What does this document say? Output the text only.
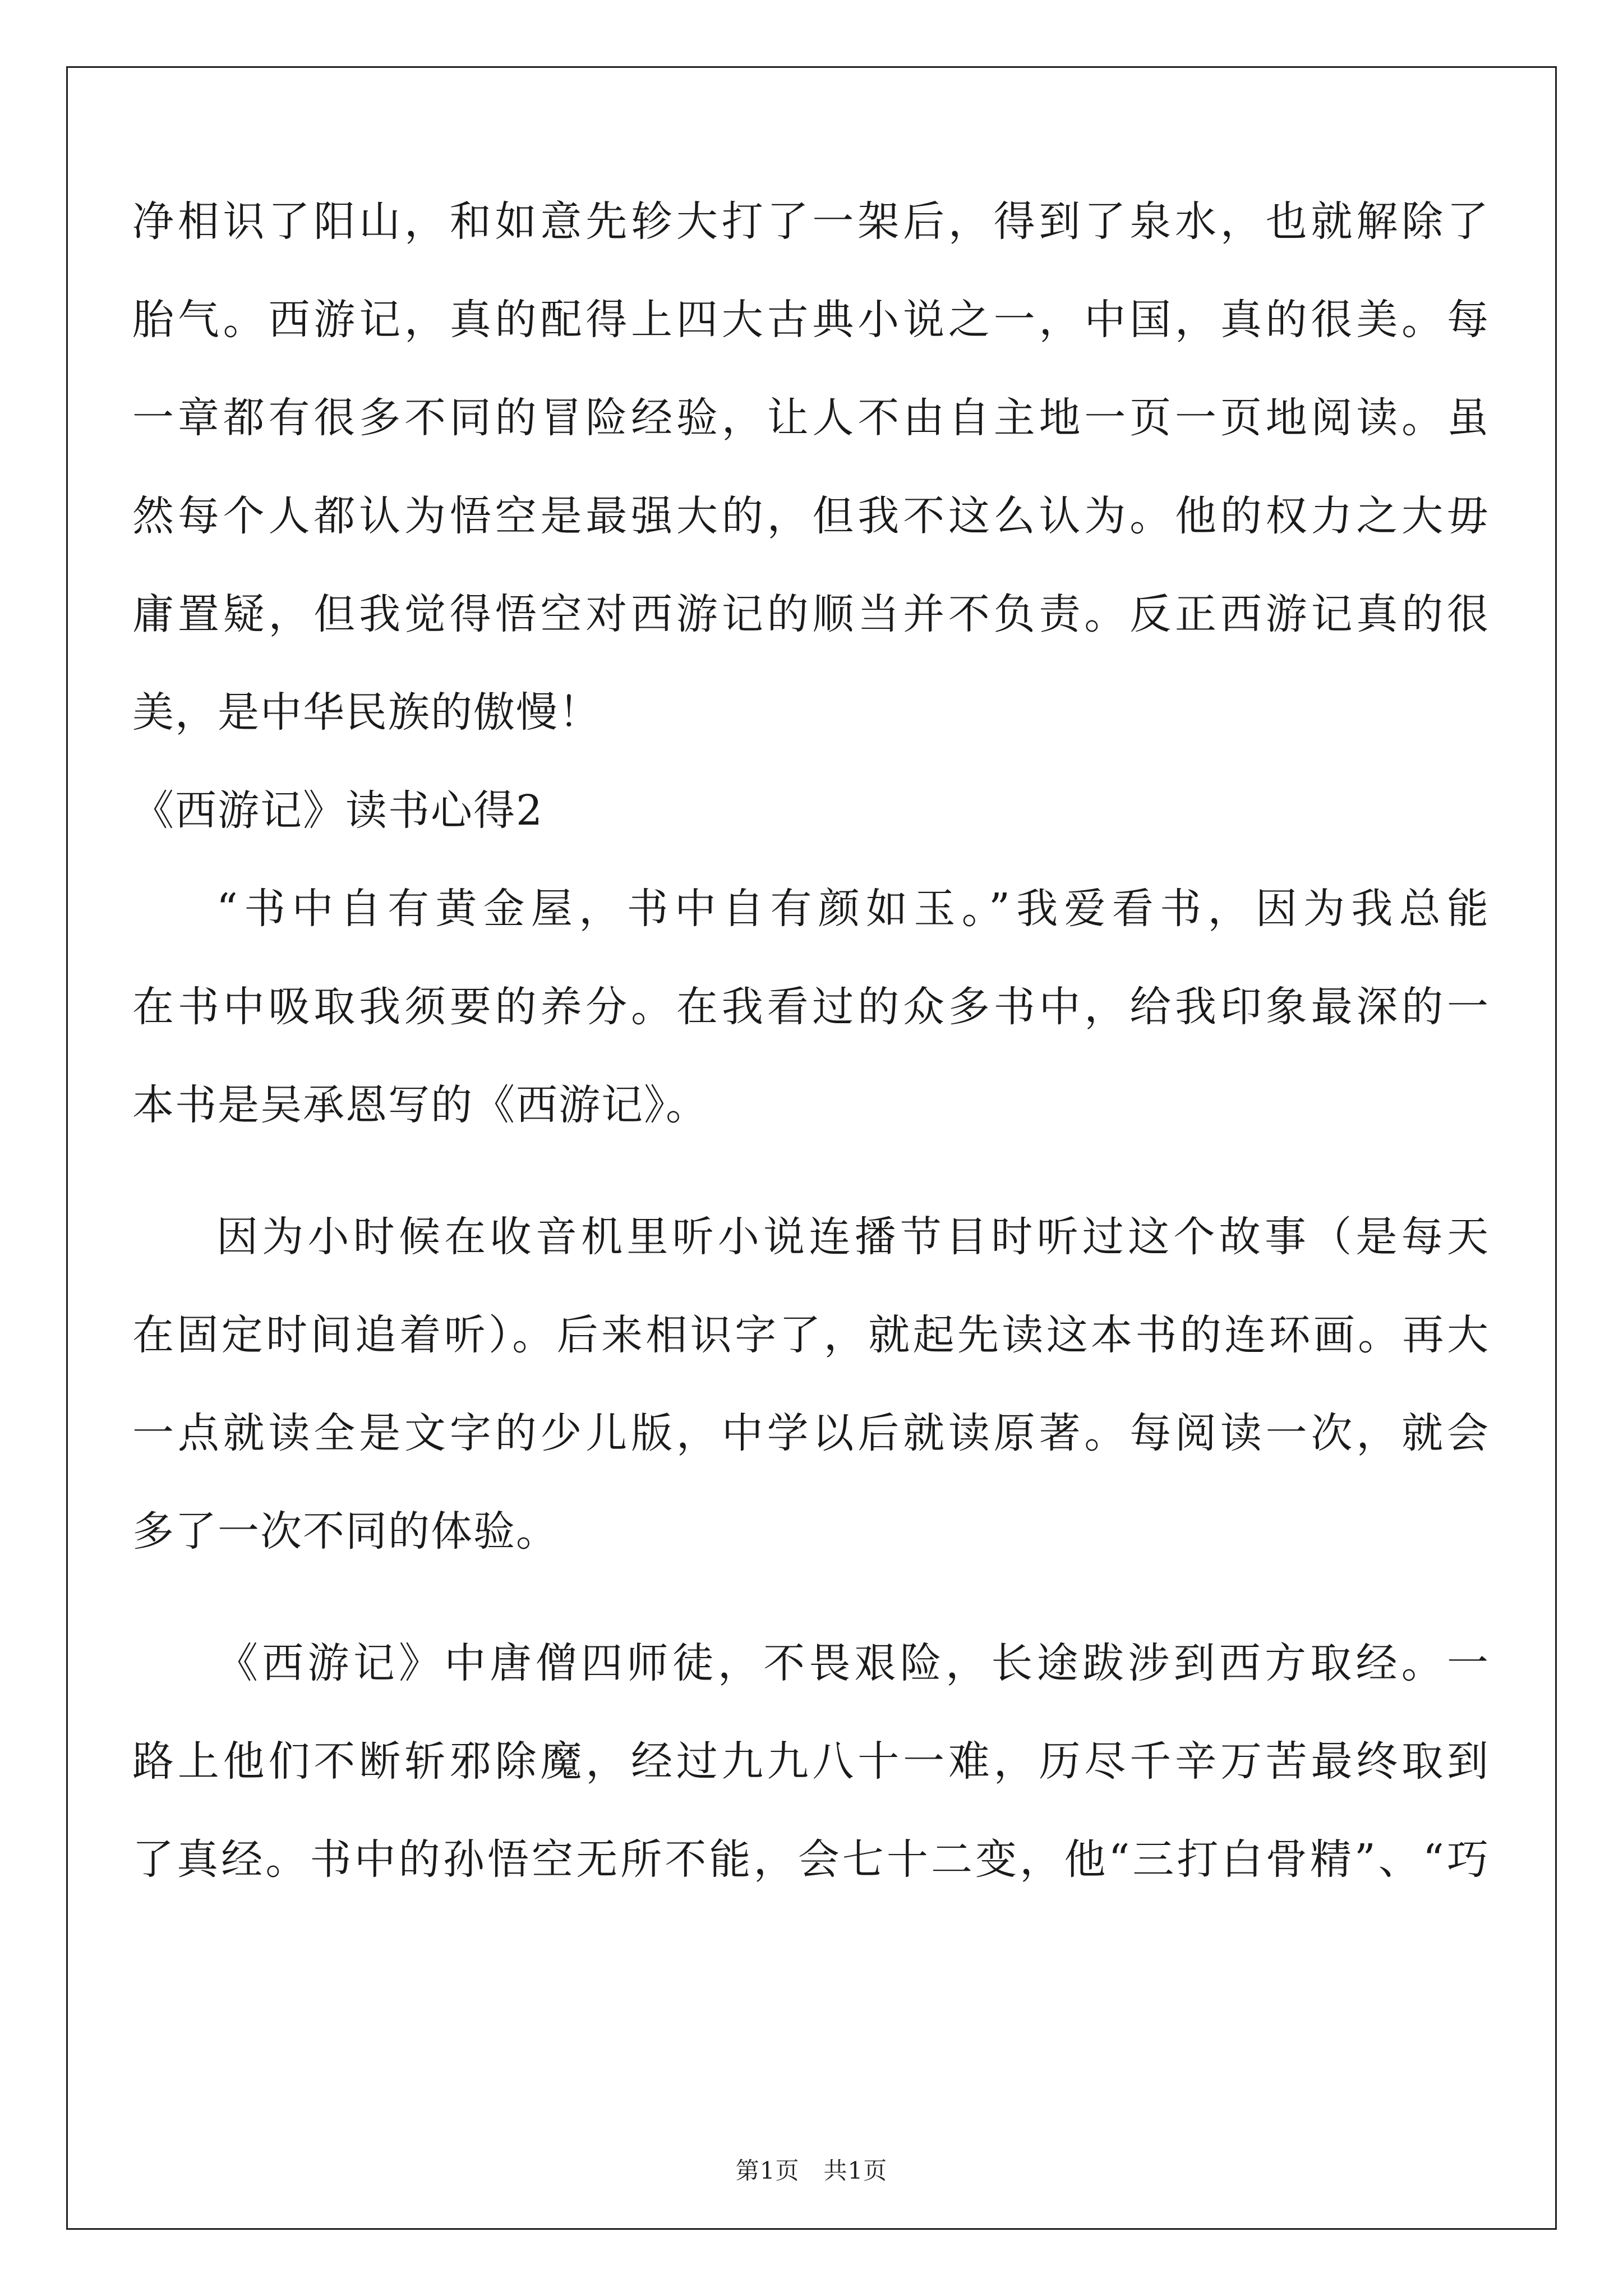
净相识了阳山，和如意先轸大打了一架后，得到了泉水，也就解除了
胎气。西游记，真的配得上四大古典小说之一，中国，真的很美。每
一章都有很多不同的冒险经验，让人不由自主地一页一页地阅读。虽
然每个人都认为悟空是最强大的，但我不这么认为。他的权力之大毋
庸置疑，但我觉得悟空对西游记的顺当并不负责。反正西游记真的很
美，是中华民族的傲慢！
《西游记》读书心得2
“书中自有黄金屋，书中自有颜如玉。”我爱看书，因为我总能
在书中吸取我须要的养分。在我看过的众多书中，给我印象最深的一
本书是吴承恩写的《西游记》。
因为小时候在收音机里听小说连播节目时听过这个故事（是每天
在固定时间追着听）。后来相识字了，就起先读这本书的连环画。再大
一点就读全是文字的少儿版，中学以后就读原著。每阅读一次，就会
多了一次不同的体验。
《西游记》中唐僧四师徒，不畏艰险，长途跋涉到西方取经。一
路上他们不断斩邪除魔，经过九九八十一难，历尽千辛万苦最终取到
了真经。书中的孙悟空无所不能，会七十二变，他“三打白骨精”、“巧
第1页　共1页
